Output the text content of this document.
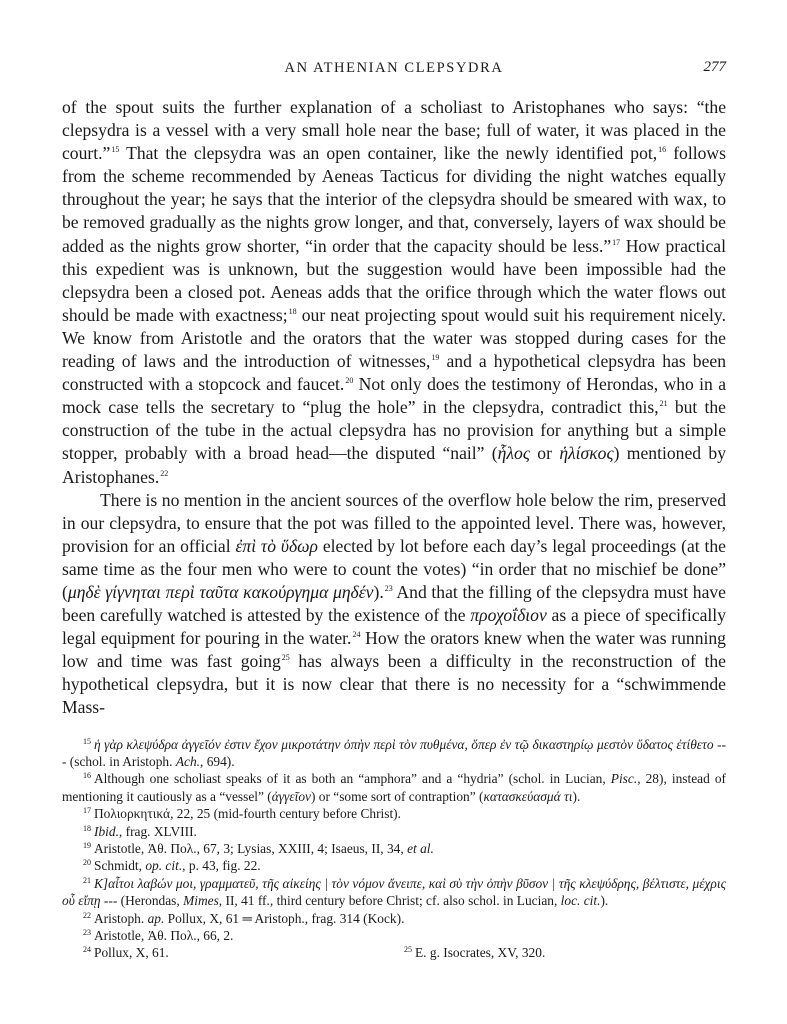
AN ATHENIAN CLEPSYDRA	277

of the spout suits the further explanation of a scholiast to Aristophanes who says: “the clepsydra is a vessel with a very small hole near the base; full of water, it was placed in the court.”$^{15}$ That the clepsydra was an open container, like the newly identified pot,$^{16}$ follows from the scheme recommended by Aeneas Tacticus for dividing the night watches equally throughout the year; he says that the interior of the clepsydra should be smeared with wax, to be removed gradually as the nights grow longer, and that, conversely, layers of wax should be added as the nights grow shorter, “in order that the capacity should be less.”$^{17}$ How practical this expedient was is unknown, but the suggestion would have been impossible had the clepsydra been a closed pot. Aeneas adds that the orifice through which the water flows out should be made with exactness;$^{18}$ our neat projecting spout would suit his requirement nicely. We know from Aristotle and the orators that the water was stopped during cases for the reading of laws and the introduction of witnesses,$^{19}$ and a hypothetical clepsydra has been constructed with a stopcock and faucet.$^{20}$ Not only does the testimony of Herondas, who in a mock case tells the secretary to “plug the hole” in the clepsydra, contradict this,$^{21}$ but the construction of the tube in the actual clepsydra has no provision for anything but a simple stopper, probably with a broad head—the disputed “nail” (ἧλος or ἡλίσκος) mentioned by Aristophanes.$^{22}$

There is no mention in the ancient sources of the overflow hole below the rim, preserved in our clepsydra, to ensure that the pot was filled to the appointed level. There was, however, provision for an official ἐπὶ τὸ ὕδωρ elected by lot before each day’s legal proceedings (at the same time as the four men who were to count the votes) “in order that no mischief be done” (μηδὲ γίγνηται περὶ ταῦτα κακούργημα μηδέν).$^{23}$ And that the filling of the clepsydra must have been carefully watched is attested by the existence of the προχοΐδιον as a piece of specifically legal equipment for pouring in the water.$^{24}$ How the orators knew when the water was running low and time was fast going$^{25}$ has always been a difficulty in the reconstruction of the hypothetical clepsydra, but it is now clear that there is no necessity for a “schwimmende Mass-

$^{15}$ ἡ γὰρ κλεψύδρα ἀγγεῖόν ἐστιν ἔχον μικροτάτην ὀπὴν περὶ τὸν πυθμένα, ὅπερ ἐν τῷ δικαστηρίῳ μεστὸν ὕδατος ἐτίθετο --- (schol. in Aristoph. Ach., 694).

$^{16}$ Although one scholiast speaks of it as both an “amphora” and a “hydria” (schol. in Lucian, Pisc., 28), instead of mentioning it cautiously as a “vessel” (ἀγγεῖον) or “some sort of contraption” (κατασκεύασμά τι).

$^{17}$ Πολιορκητικά, 22, 25 (mid-fourth century before Christ).

$^{18}$ Ibid., frag. XLVIII.

$^{19}$ Aristotle, Ἀθ. Πολ., 67, 3; Lysias, XXIII, 4; Isaeus, II, 34, et al.

$^{20}$ Schmidt, op. cit., p. 43, fig. 22.

$^{21}$ Κ]αἶτοι λαβών μοι, γραμματεῦ, τῆς αἰκείης | τὸν νόμον ἄνειπε, καὶ σὺ τὴν ὀπὴν βῦσον | τῆς κλεψύδρης, βέλτιστε, μέχρις οὗ εἴπῃ --- (Herondas, Mimes, II, 41 ff., third century before Christ; cf. also schol. in Lucian, loc. cit.).

$^{22}$ Aristoph. ap. Pollux, X, 61 ═ Aristoph., frag. 314 (Kock).

$^{23}$ Aristotle, Ἀθ. Πολ., 66, 2.

$^{24}$ Pollux, X, 61.	$^{25}$ E. g. Isocrates, XV, 320.
